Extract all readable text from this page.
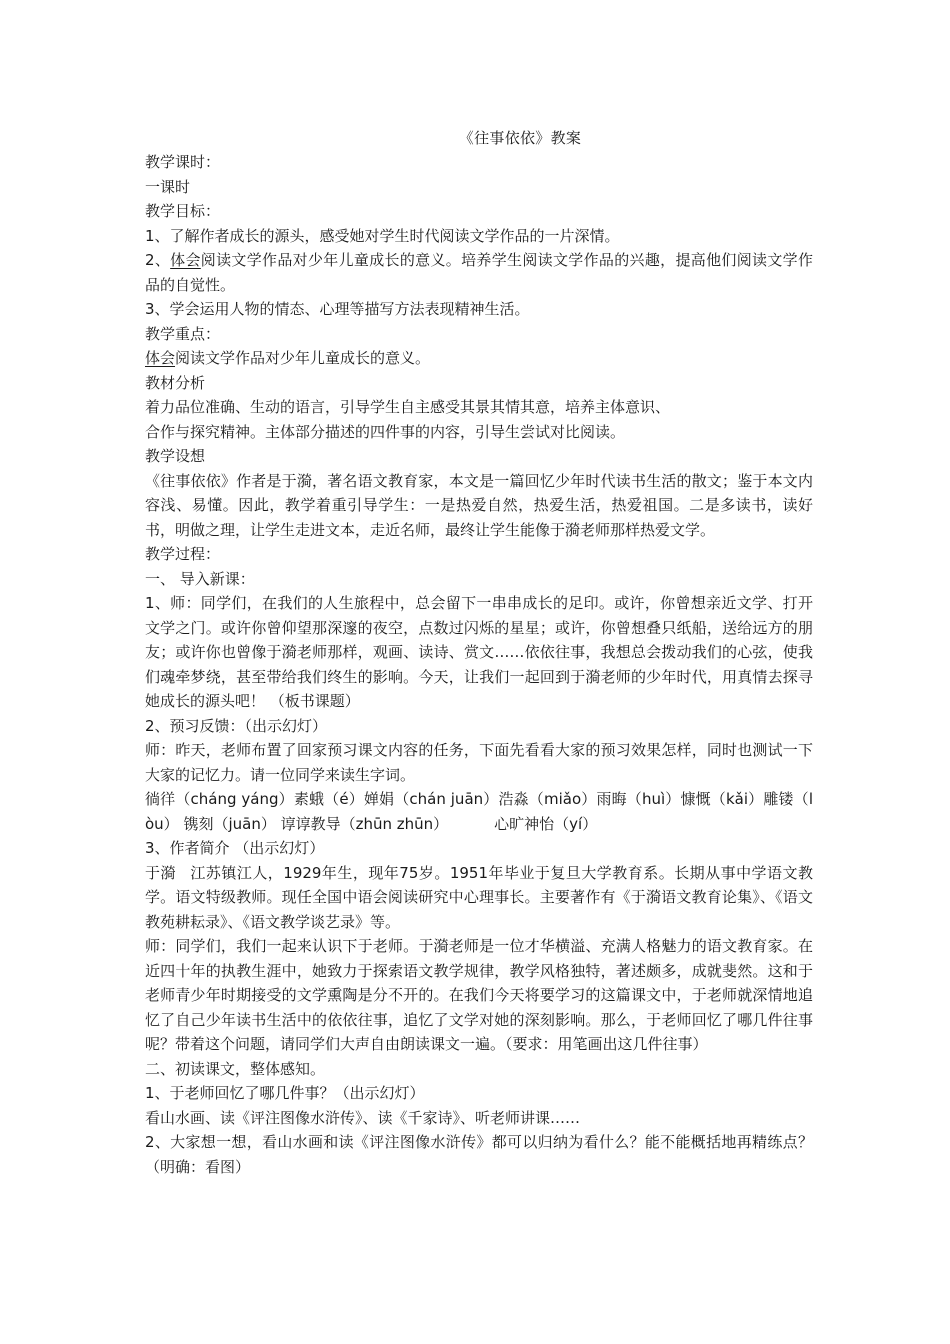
《往事依依》教案

教学课时：

一课时

教学目标：

1、了解作者成长的源头，感受她对学生时代阅读文学作品的一片深情。

2、体会阅读文学作品对少年儿童成长的意义。培养学生阅读文学作品的兴趣，提高他们阅读文学作品的自觉性。

3、学会运用人物的情态、心理等描写方法表现精神生活。

教学重点：

体会阅读文学作品对少年儿童成长的意义。

教材分析

着力品位准确、生动的语言，引导学生自主感受其景其情其意，培养主体意识、

合作与探究精神。主体部分描述的四件事的内容，引导生尝试对比阅读。

教学设想

《往事依依》作者是于漪，著名语文教育家，本文是一篇回忆少年时代读书生活的散文；鉴于本文内容浅、易懂。因此，教学着重引导学生：一是热爱自然，热爱生活，热爱祖国。二是多读书，读好书，明做之理，让学生走进文本，走近名师，最终让学生能像于漪老师那样热爱文学。

教学过程：

一、 导入新课：

1、师：同学们，在我们的人生旅程中，总会留下一串串成长的足印。或许，你曾想亲近文学、打开文学之门。或许你曾仰望那深邃的夜空，点数过闪烁的星星；或许，你曾想叠只纸船，送给远方的朋友；或许你也曾像于漪老师那样，观画、读诗、赏文……依依往事，我想总会拨动我们的心弦，使我们魂牵梦绕，甚至带给我们终生的影响。今天，让我们一起回到于漪老师的少年时代，用真情去探寻她成长的源头吧！ （板书课题）

2、预习反馈：（出示幻灯）

师：昨天，老师布置了回家预习课文内容的任务，下面先看看大家的预习效果怎样，同时也测试一下大家的记忆力。请一位同学来读生字词。

徜徉（cháng yáng）素蛾（é）婵娟（chán juān）浩淼（miǎo）雨晦（huì）慷慨（kǎi）雕镂（lòu） 镌刻（juān） 谆谆教导（zhūn zhūn）	心旷神怡（yí）

3、作者简介 （出示幻灯）

于漪 江苏镇江人，1929年生，现年75岁。1951年毕业于复旦大学教育系。长期从事中学语文教学。语文特级教师。现任全国中语会阅读研究中心理事长。主要著作有《于漪语文教育论集》、《语文教苑耕耘录》、《语文教学谈艺录》等。

师：同学们，我们一起来认识下于老师。于漪老师是一位才华横溢、充满人格魅力的语文教育家。在近四十年的执教生涯中，她致力于探索语文教学规律，教学风格独特，著述颇多，成就斐然。这和于老师青少年时期接受的文学熏陶是分不开的。在我们今天将要学习的这篇课文中，于老师就深情地追忆了自己少年读书生活中的依依往事，追忆了文学对她的深刻影响。那么，于老师回忆了哪几件往事呢？带着这个问题，请同学们大声自由朗读课文一遍。（要求：用笔画出这几件往事）

二、初读课文，整体感知。

1、于老师回忆了哪几件事？（出示幻灯）

看山水画、读《评注图像水浒传》、读《千家诗》、听老师讲课……

2、大家想一想，看山水画和读《评注图像水浒传》都可以归纳为看什么？能不能概括地再精练点？（明确：看图）
